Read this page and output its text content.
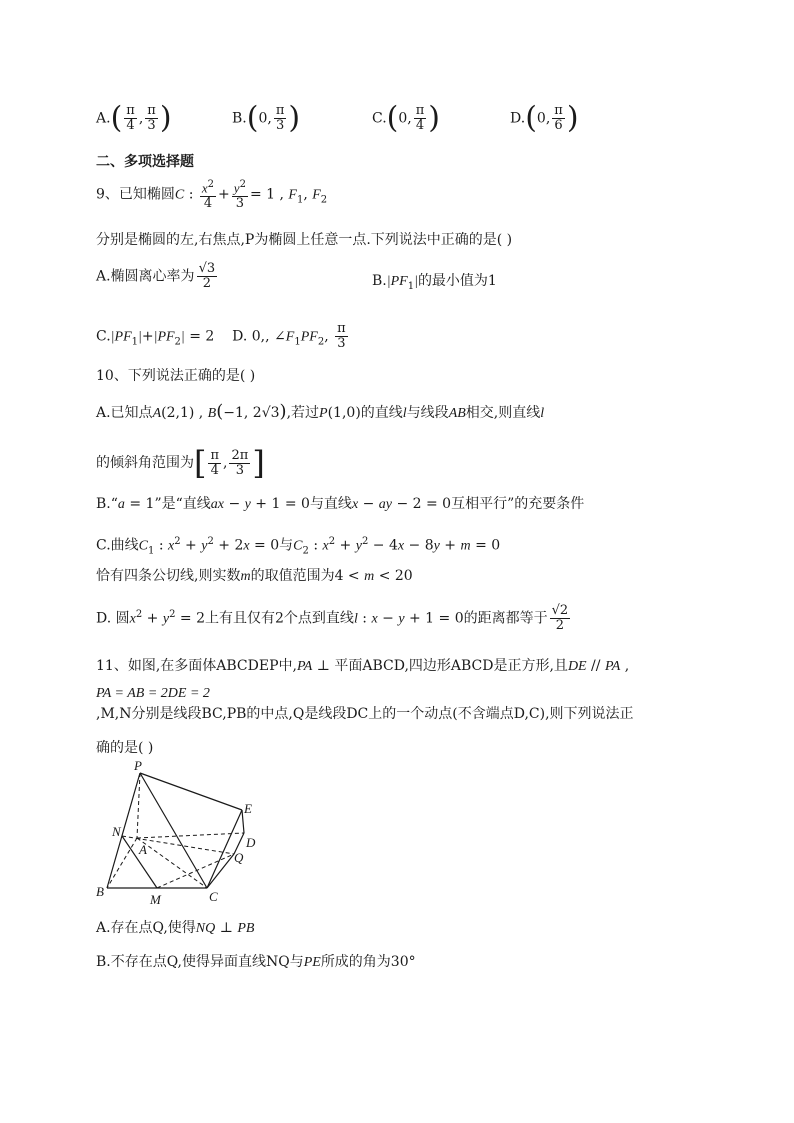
$A.( \frac{\pi}{4}$ , $\frac{\pi}{3}$ )	B.(0, $\frac{\pi}{3}$ )	C.(0, $\frac{\pi}{4}$ )	D.(0, $\frac{\pi}{6}$ )
二、多项选择题
9、已知椭圆C : $\frac{x^2}{4} + \frac{y^2}{3} = 1$ , $F_1$, $F_2$
分别是椭圆的左,右焦点,P为椭圆上任意一点.下列说法中正确的是( )
A.椭圆离心率为 $\frac{√3}{2}$	$B.|PF_1|$的最小值为1
$C.|PF_1|+|PF_2| = 2$ D. 0,, $\angle F_1PF_2$, $\frac{\pi}{3}$
10、下列说法正确的是( )
A.已知点A(2,1) , B(−1, 2√3),若过P(1,0)的直线l与线段AB相交,则直线l
的倾斜角范围为[ $\frac{\pi}{4}$ , $\frac{2\pi}{3}$ ]
B.“a = 1”是“直线ax − y + 1 = 0与直线x − ay − 2 = 0互相平行”的充要条件
C.曲线$C_1$ : $x^2 + y^2 + 2x = 0$与$C_2$ : $x^2 + y^2 - 4x - 8y + m = 0$
恰有四条公切线,则实数m的取值范围为4 < m < 20
D. 圆$x^2 + y^2 = 2$上有且仅有2个点到直线l : x − y + 1 = 0的距离都等于 $\frac{√2}{2}$
11、如图,在多面体ABCDEP中,PA ⊥ 平面ABCD,四边形ABCD是正方形,且DE // PA ,
PA = AB = 2DE = 2
,M,N分别是线段BC,PB的中点,Q是线段DC上的一个动点(不含端点D,C),则下列说法正
确的是( )
P
E
N
D
A
Q
B
M	C
A.存在点Q,使得NQ ⊥ PB
B.不存在点Q,使得异面直线NQ与PE所成的角为30°
